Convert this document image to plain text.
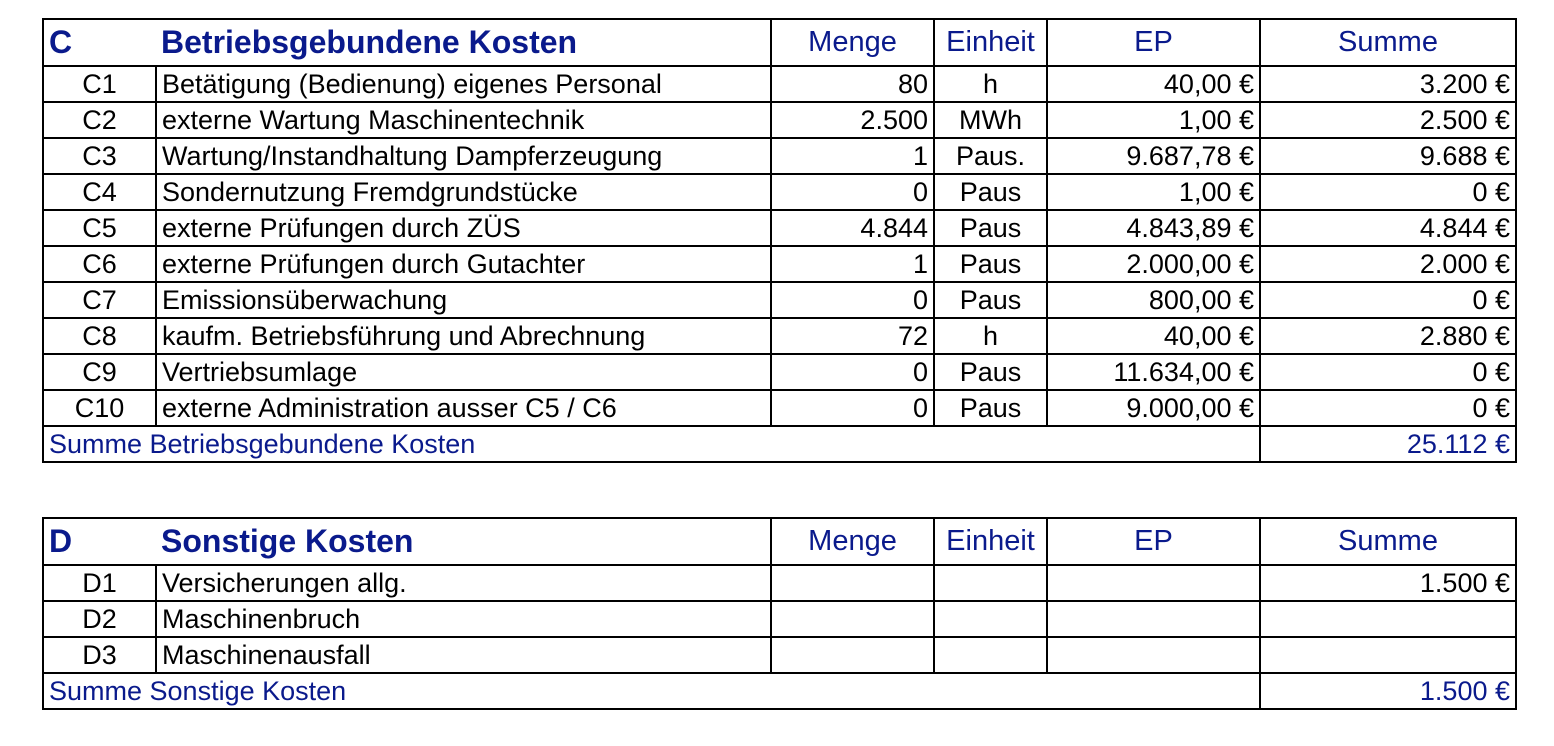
C	Betriebsgebundene Kosten	Menge	Einheit	EP	Summe
C1	Betätigung (Bedienung) eigenes Personal	80	h	40,00 €	3.200 €
C2	externe Wartung Maschinentechnik	2.500	MWh	1,00 €	2.500 €
C3	Wartung/Instandhaltung Dampferzeugung	1	Paus.	9.687,78 €	9.688 €
C4	Sondernutzung Fremdgrundstücke	0	Paus	1,00 €	0 €
C5	externe Prüfungen durch ZÜS	4.844	Paus	4.843,89 €	4.844 €
C6	externe Prüfungen durch Gutachter	1	Paus	2.000,00 €	2.000 €
C7	Emissionsüberwachung	0	Paus	800,00 €	0 €
C8	kaufm. Betriebsführung und Abrechnung	72	h	40,00 €	2.880 €
C9	Vertriebsumlage	0	Paus	11.634,00 €	0 €
C10	externe Administration ausser C5 / C6	0	Paus	9.000,00 €	0 €
Summe Betriebsgebundene Kosten					25.112 €
D	Sonstige Kosten	Menge	Einheit	EP	Summe
D1	Versicherungen allg.				1.500 €
D2	Maschinenbruch				
D3	Maschinenausfall				
Summe Sonstige Kosten					1.500 €
